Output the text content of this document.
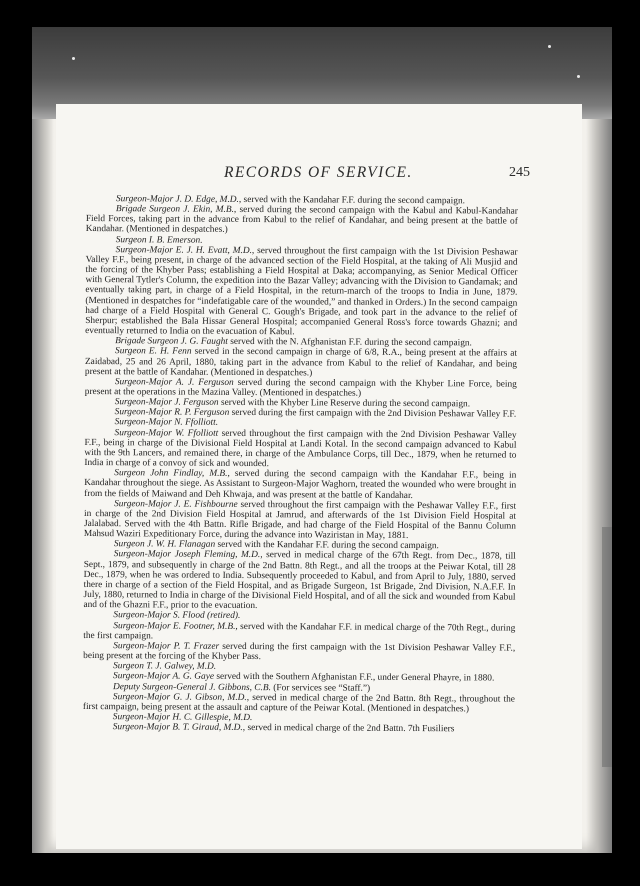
RECORDS OF SERVICE.	245

Surgeon-Major J. D. Edge, M.D., served with the Kandahar F.F. during the second campaign.

Brigade Surgeon J. Ekin, M.B., served during the second campaign with the Kabul and Kabul-Kandahar Field Forces, taking part in the advance from Kabul to the relief of Kandahar, and being present at the battle of Kandahar. (Mentioned in despatches.)

Surgeon I. B. Emerson.

Surgeon-Major E. J. H. Evatt, M.D., served throughout the first campaign with the 1st Division Peshawar Valley F.F., being present, in charge of the advanced section of the Field Hospital, at the taking of Ali Musjid and the forcing of the Khyber Pass; establishing a Field Hospital at Daka; accompanying, as Senior Medical Officer with General Tytler's Column, the expedition into the Bazar Valley; advancing with the Division to Gandamak; and eventually taking part, in charge of a Field Hospital, in the return-march of the troops to India in June, 1879. (Mentioned in despatches for “indefatigable care of the wounded,” and thanked in Orders.) In the second campaign had charge of a Field Hospital with General C. Gough's Brigade, and took part in the advance to the relief of Sherpur; established the Bala Hissar General Hospital; accompanied General Ross's force towards Ghazni; and eventually returned to India on the evacuation of Kabul.

Brigade Surgeon J. G. Faught served with the N. Afghanistan F.F. during the second campaign.

Surgeon E. H. Fenn served in the second campaign in charge of 6/8, R.A., being present at the affairs at Zaidabad, 25 and 26 April, 1880, taking part in the advance from Kabul to the relief of Kandahar, and being present at the battle of Kandahar. (Mentioned in despatches.)

Surgeon-Major A. J. Ferguson served during the second campaign with the Khyber Line Force, being present at the operations in the Mazina Valley. (Mentioned in despatches.)

Surgeon-Major J. Ferguson served with the Khyber Line Reserve during the second campaign.

Surgeon-Major R. P. Ferguson served during the first campaign with the 2nd Division Peshawar Valley F.F.

Surgeon-Major N. Ffolliott.

Surgeon-Major W. Ffolliott served throughout the first campaign with the 2nd Division Peshawar Valley F.F., being in charge of the Divisional Field Hospital at Landi Kotal. In the second campaign advanced to Kabul with the 9th Lancers, and remained there, in charge of the Ambulance Corps, till Dec., 1879, when he returned to India in charge of a convoy of sick and wounded.

Surgeon John Findlay, M.B., served during the second campaign with the Kandahar F.F., being in Kandahar throughout the siege. As Assistant to Surgeon-Major Waghorn, treated the wounded who were brought in from the fields of Maiwand and Deh Khwaja, and was present at the battle of Kandahar.

Surgeon-Major J. E. Fishbourne served throughout the first campaign with the Peshawar Valley F.F., first in charge of the 2nd Division Field Hospital at Jamrud, and afterwards of the 1st Division Field Hospital at Jalalabad. Served with the 4th Battn. Rifle Brigade, and had charge of the Field Hospital of the Bannu Column Mahsud Waziri Expeditionary Force, during the advance into Waziristan in May, 1881.

Surgeon J. W. H. Flanagan served with the Kandahar F.F. during the second campaign.

Surgeon-Major Joseph Fleming, M.D., served in medical charge of the 67th Regt. from Dec., 1878, till Sept., 1879, and subsequently in charge of the 2nd Battn. 8th Regt., and all the troops at the Peiwar Kotal, till 28 Dec., 1879, when he was ordered to India. Subsequently proceeded to Kabul, and from April to July, 1880, served there in charge of a section of the Field Hospital, and as Brigade Surgeon, 1st Brigade, 2nd Division, N.A.F.F. In July, 1880, returned to India in charge of the Divisional Field Hospital, and of all the sick and wounded from Kabul and of the Ghazni F.F., prior to the evacuation.

Surgeon-Major S. Flood (retired).

Surgeon-Major E. Footner, M.B., served with the Kandahar F.F. in medical charge of the 70th Regt., during the first campaign.

Surgeon-Major P. T. Frazer served during the first campaign with the 1st Division Peshawar Valley F.F., being present at the forcing of the Khyber Pass.

Surgeon T. J. Galwey, M.D.

Surgeon-Major A. G. Gaye served with the Southern Afghanistan F.F., under General Phayre, in 1880.

Deputy Surgeon-General J. Gibbons, C.B. (For services see “Staff.”)

Surgeon-Major G. J. Gibson, M.D., served in medical charge of the 2nd Battn. 8th Regt., throughout the first campaign, being present at the assault and capture of the Peiwar Kotal. (Mentioned in despatches.)

Surgeon-Major H. C. Gillespie, M.D.

Surgeon-Major B. T. Giraud, M.D., served in medical charge of the 2nd Battn. 7th Fusiliers
